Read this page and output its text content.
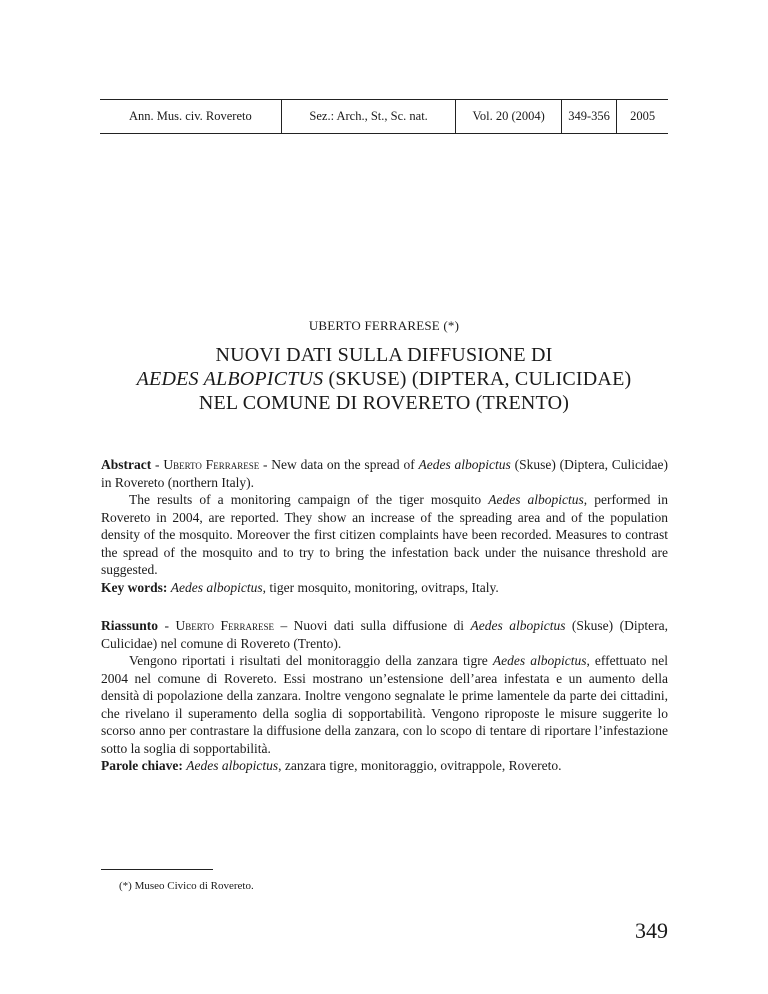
Ann. Mus. civ. Rovereto	Sez.: Arch., St., Sc. nat.	Vol. 20 (2004)	349-356	2005
UBERTO FERRARESE (*)
NUOVI DATI SULLA DIFFUSIONE DI
AEDES ALBOPICTUS (SKUSE) (DIPTERA, CULICIDAE)
NEL COMUNE DI ROVERETO (TRENTO)

Abstract - Uberto Ferrarese - New data on the spread of Aedes albopictus (Skuse) (Diptera, Culicidae) in Rovereto (northern Italy).

The results of a monitoring campaign of the tiger mosquito Aedes albopictus, performed in Rovereto in 2004, are reported. They show an increase of the spreading area and of the population density of the mosquito. Moreover the first citizen complaints have been recorded. Measures to contrast the spread of the mosquito and to try to bring the infestation back under the nuisance threshold are suggested.

Key words: Aedes albopictus, tiger mosquito, monitoring, ovitraps, Italy.

Riassunto - Uberto Ferrarese – Nuovi dati sulla diffusione di Aedes albopictus (Skuse) (Diptera, Culicidae) nel comune di Rovereto (Trento).

Vengono riportati i risultati del monitoraggio della zanzara tigre Aedes albopictus, effettuato nel 2004 nel comune di Rovereto. Essi mostrano un’estensione dell’area infestata e un aumento della densità di popolazione della zanzara. Inoltre vengono segnalate le prime lamentele da parte dei cittadini, che rivelano il superamento della soglia di sopportabilità. Vengono riproposte le misure suggerite lo scorso anno per contrastare la diffusione della zanzara, con lo scopo di tentare di riportare l’infestazione sotto la soglia di sopportabilità.

Parole chiave: Aedes albopictus, zanzara tigre, monitoraggio, ovitrappole, Rovereto.

(*) Museo Civico di Rovereto.
349
